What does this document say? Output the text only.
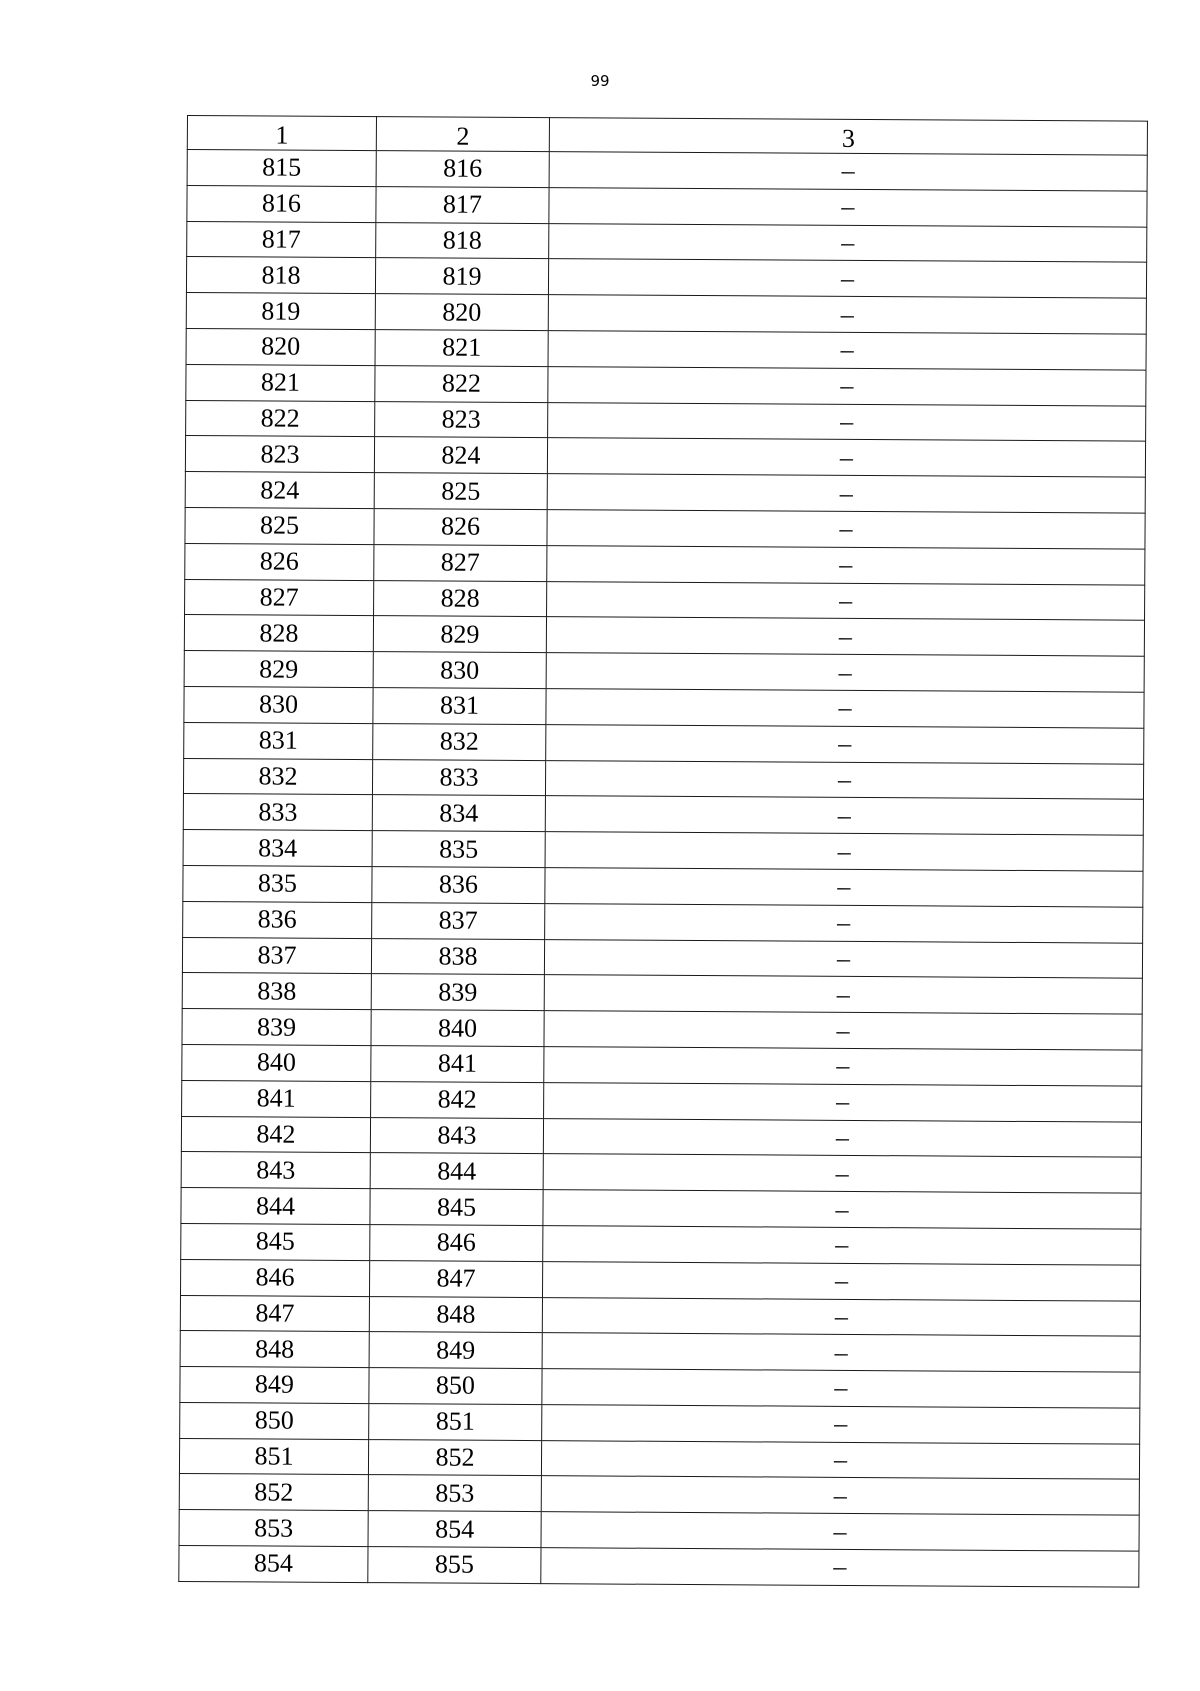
99
1	2	3
815	816	–
816	817	–
817	818	–
818	819	–
819	820	–
820	821	–
821	822	–
822	823	–
823	824	–
824	825	–
825	826	–
826	827	–
827	828	–
828	829	–
829	830	–
830	831	–
831	832	–
832	833	–
833	834	–
834	835	–
835	836	–
836	837	–
837	838	–
838	839	–
839	840	–
840	841	–
841	842	–
842	843	–
843	844	–
844	845	–
845	846	–
846	847	–
847	848	–
848	849	–
849	850	–
850	851	–
851	852	–
852	853	–
853	854	–
854	855	–
